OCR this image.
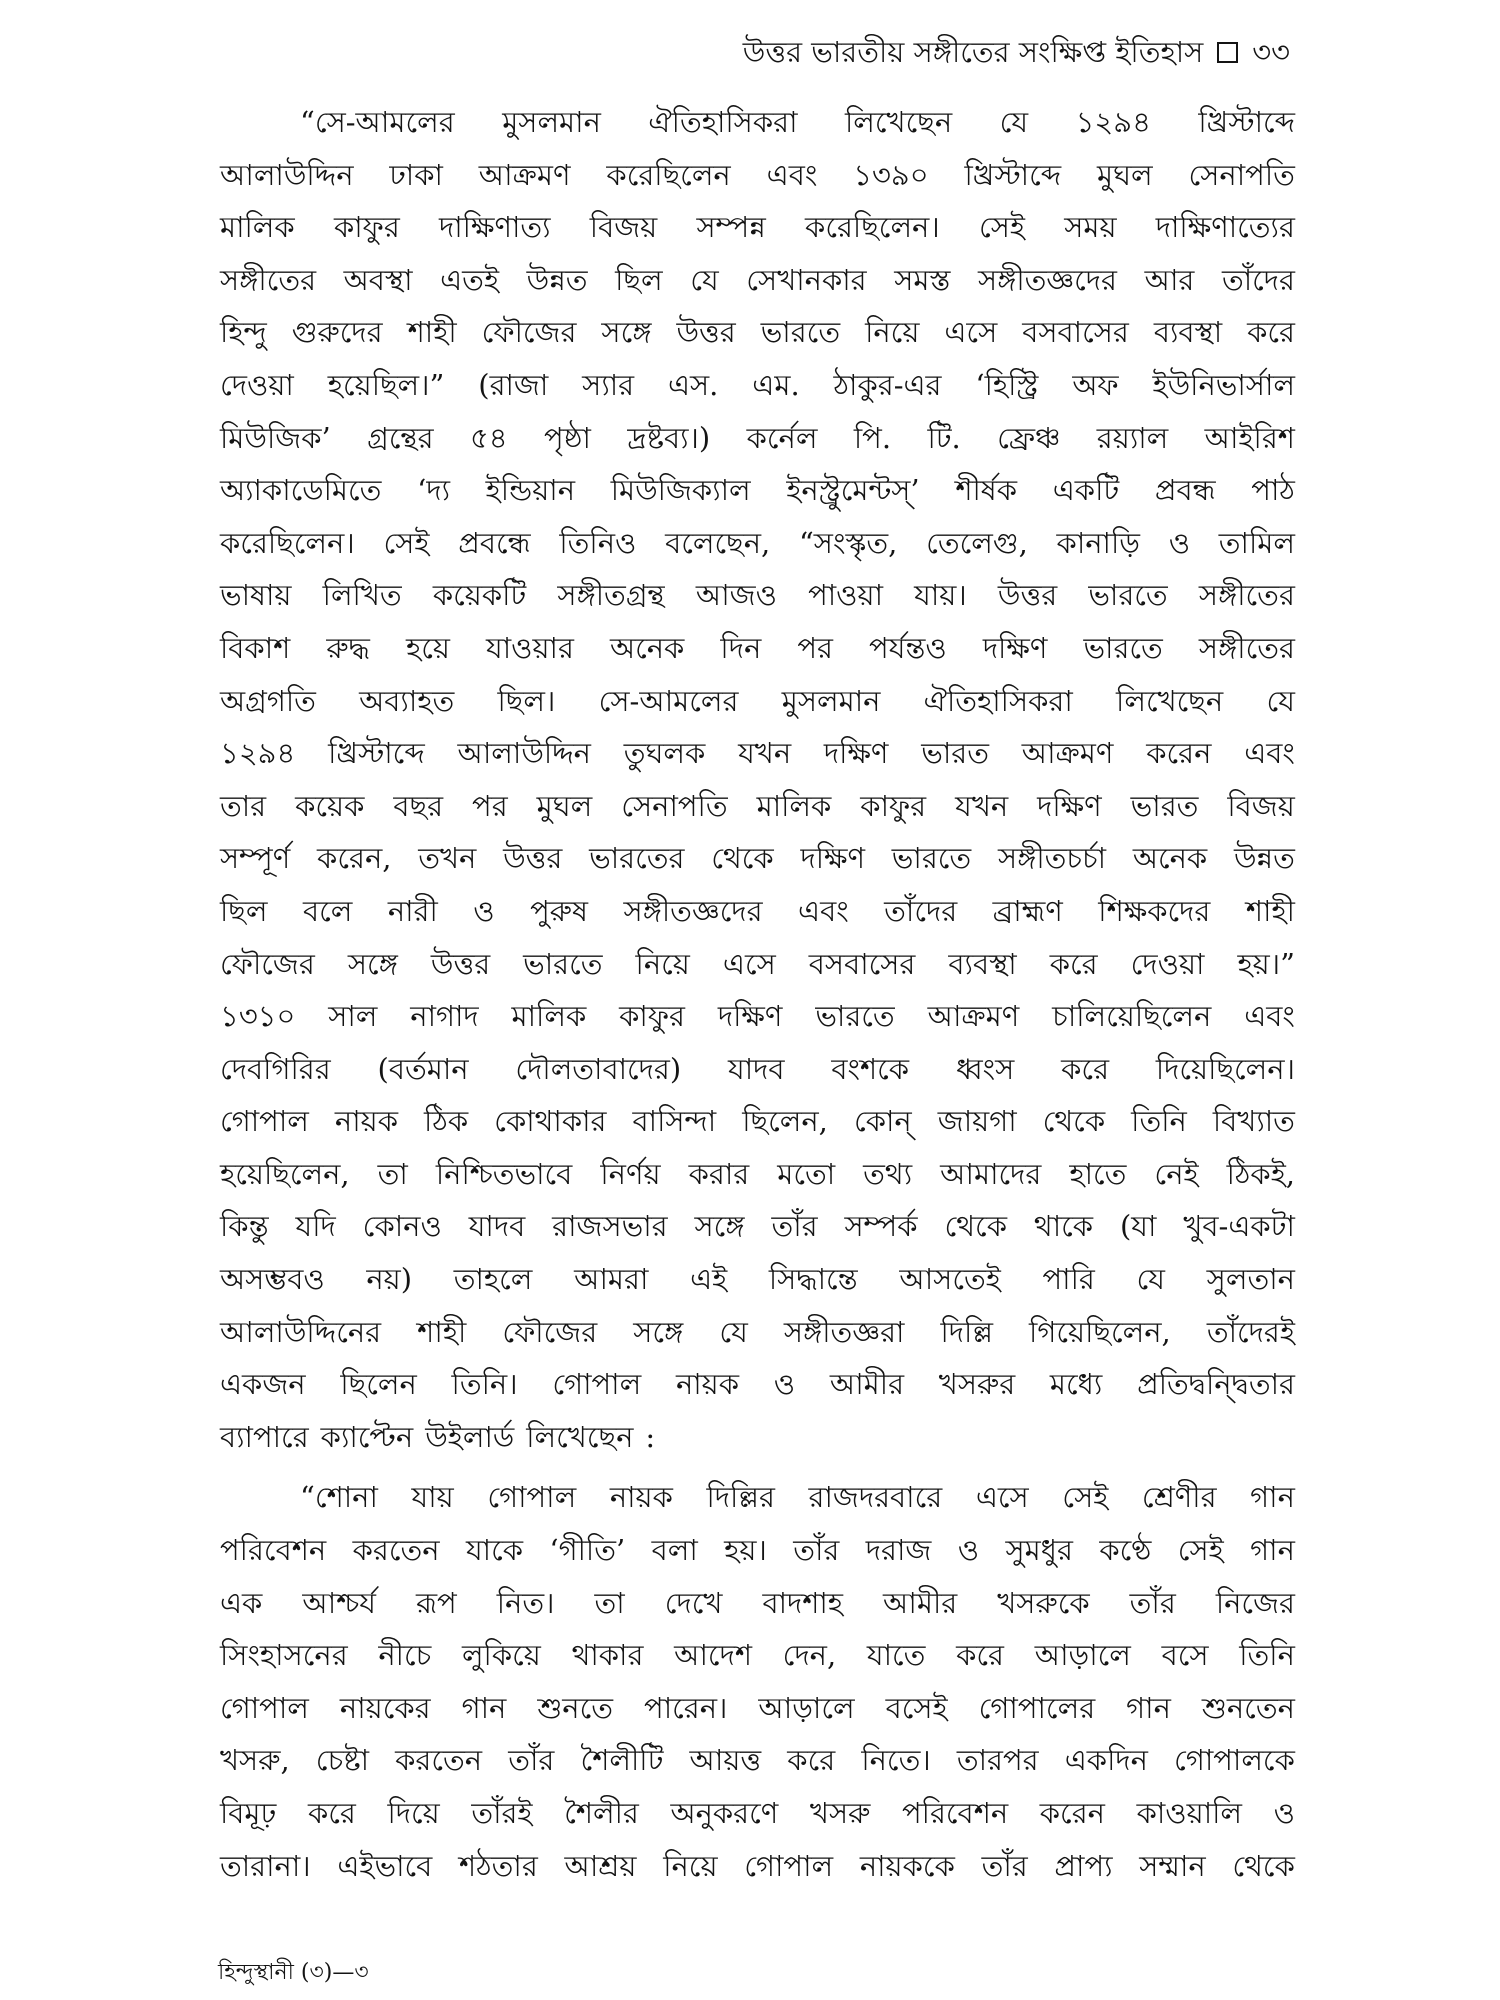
উত্তর ভারতীয় সঙ্গীতের সংক্ষিপ্ত ইতিহাস ৩৩
“সে-আমলের মুসলমান ঐতিহাসিকরা লিখেছেন যে ১২৯৪ খ্রিস্টাব্দে
আলাউদ্দিন ঢাকা আক্রমণ করেছিলেন এবং ১৩৯০ খ্রিস্টাব্দে মুঘল সেনাপতি
মালিক কাফুর দাক্ষিণাত্য বিজয় সম্পন্ন করেছিলেন। সেই সময় দাক্ষিণাত্যের
সঙ্গীতের অবস্থা এতই উন্নত ছিল যে সেখানকার সমস্ত সঙ্গীতজ্ঞদের আর তাঁদের
হিন্দু গুরুদের শাহী ফৌজের সঙ্গে উত্তর ভারতে নিয়ে এসে বসবাসের ব্যবস্থা করে
দেওয়া হয়েছিল।” (রাজা স্যার এস. এম. ঠাকুর-এর ‘হিস্ট্রি অফ ইউনিভার্সাল
মিউজিক’ গ্রন্থের ৫৪ পৃষ্ঠা দ্রষ্টব্য।) কর্নেল পি. টি. ফ্রেঞ্চ রয়্যাল আইরিশ
অ্যাকাডেমিতে ‘দ্য ইন্ডিয়ান মিউজিক্যাল ইনস্ট্রুমেন্টস্’ শীর্ষক একটি প্রবন্ধ পাঠ
করেছিলেন। সেই প্রবন্ধে তিনিও বলেছেন, “সংস্কৃত, তেলেগু, কানাড়ি ও তামিল
ভাষায় লিখিত কয়েকটি সঙ্গীতগ্রন্থ আজও পাওয়া যায়। উত্তর ভারতে সঙ্গীতের
বিকাশ রুদ্ধ হয়ে যাওয়ার অনেক দিন পর পর্যন্তও দক্ষিণ ভারতে সঙ্গীতের
অগ্রগতি অব্যাহত ছিল। সে-আমলের মুসলমান ঐতিহাসিকরা লিখেছেন যে
১২৯৪ খ্রিস্টাব্দে আলাউদ্দিন তুঘলক যখন দক্ষিণ ভারত আক্রমণ করেন এবং
তার কয়েক বছর পর মুঘল সেনাপতি মালিক কাফুর যখন দক্ষিণ ভারত বিজয়
সম্পূর্ণ করেন, তখন উত্তর ভারতের থেকে দক্ষিণ ভারতে সঙ্গীতচর্চা অনেক উন্নত
ছিল বলে নারী ও পুরুষ সঙ্গীতজ্ঞদের এবং তাঁদের ব্রাহ্মণ শিক্ষকদের শাহী
ফৌজের সঙ্গে উত্তর ভারতে নিয়ে এসে বসবাসের ব্যবস্থা করে দেওয়া হয়।”
১৩১০ সাল নাগাদ মালিক কাফুর দক্ষিণ ভারতে আক্রমণ চালিয়েছিলেন এবং
দেবগিরির (বর্তমান দৌলতাবাদের) যাদব বংশকে ধ্বংস করে দিয়েছিলেন।
গোপাল নায়ক ঠিক কোথাকার বাসিন্দা ছিলেন, কোন্ জায়গা থেকে তিনি বিখ্যাত
হয়েছিলেন, তা নিশ্চিতভাবে নির্ণয় করার মতো তথ্য আমাদের হাতে নেই ঠিকই,
কিন্তু যদি কোনও যাদব রাজসভার সঙ্গে তাঁর সম্পর্ক থেকে থাকে (যা খুব-একটা
অসম্ভবও নয়) তাহলে আমরা এই সিদ্ধান্তে আসতেই পারি যে সুলতান
আলাউদ্দিনের শাহী ফৌজের সঙ্গে যে সঙ্গীতজ্ঞরা দিল্লি গিয়েছিলেন, তাঁদেরই
একজন ছিলেন তিনি। গোপাল নায়ক ও আমীর খসরুর মধ্যে প্রতিদ্বন্দ্বিতার
ব্যাপারে ক্যাপ্টেন উইলার্ড লিখেছেন :
“শোনা যায় গোপাল নায়ক দিল্লির রাজদরবারে এসে সেই শ্রেণীর গান
পরিবেশন করতেন যাকে ‘গীতি’ বলা হয়। তাঁর দরাজ ও সুমধুর কণ্ঠে সেই গান
এক আশ্চর্য রূপ নিত। তা দেখে বাদশাহ আমীর খসরুকে তাঁর নিজের
সিংহাসনের নীচে লুকিয়ে থাকার আদেশ দেন, যাতে করে আড়ালে বসে তিনি
গোপাল নায়কের গান শুনতে পারেন। আড়ালে বসেই গোপালের গান শুনতেন
খসরু, চেষ্টা করতেন তাঁর শৈলীটি আয়ত্ত করে নিতে। তারপর একদিন গোপালকে
বিমূঢ় করে দিয়ে তাঁরই শৈলীর অনুকরণে খসরু পরিবেশন করেন কাওয়ালি ও
তারানা। এইভাবে শঠতার আশ্রয় নিয়ে গোপাল নায়ককে তাঁর প্রাপ্য সম্মান থেকে
হিন্দুস্থানী (৩)—৩
